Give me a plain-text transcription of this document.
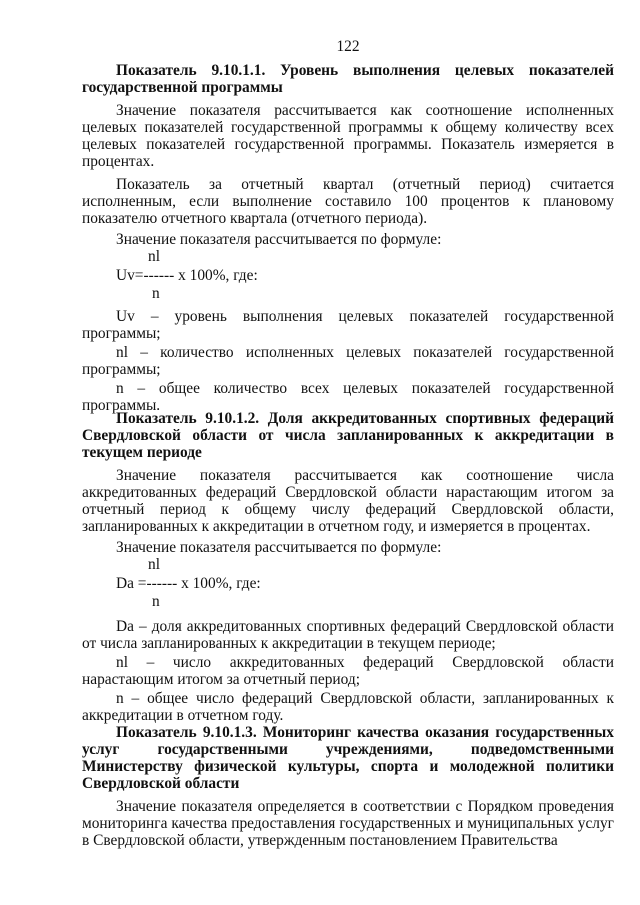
122

Показатель 9.10.1.1. Уровень выполнения целевых показателей государственной программы

Значение показателя рассчитывается как соотношение исполненных целевых показателей государственной программы к общему количеству всех целевых показателей государственной программы. Показатель измеряется в процентах.

Показатель за отчетный квартал (отчетный период) считается исполненным, если выполнение составило 100 процентов к плановому показателю отчетного квартала (отчетного периода).

Значение показателя рассчитывается по формуле:

nl
Uv=------ х 100%, где:
n

Uv – уровень выполнения целевых показателей государственной программы;

nl – количество исполненных целевых показателей государственной программы;

n – общее количество всех целевых показателей государственной программы.

Показатель 9.10.1.2. Доля аккредитованных спортивных федераций Свердловской области от числа запланированных к аккредитации в текущем периоде

Значение показателя рассчитывается как соотношение числа аккредитованных федераций Свердловской области нарастающим итогом за отчетный период к общему числу федераций Свердловской области, запланированных к аккредитации в отчетном году, и измеряется в процентах.

Значение показателя рассчитывается по формуле:

nl
Da =------ х 100%, где:
n

Da – доля аккредитованных спортивных федераций Свердловской области от числа запланированных к аккредитации в текущем периоде;

nl – число аккредитованных федераций Свердловской области нарастающим итогом за отчетный период;

n – общее число федераций Свердловской области, запланированных к аккредитации в отчетном году.

Показатель 9.10.1.3. Мониторинг качества оказания государственных услуг государственными учреждениями, подведомственными Министерству физической культуры, спорта и молодежной политики Свердловской области

Значение показателя определяется в соответствии с Порядком проведения мониторинга качества предоставления государственных и муниципальных услуг в Свердловской области, утвержденным постановлением Правительства
